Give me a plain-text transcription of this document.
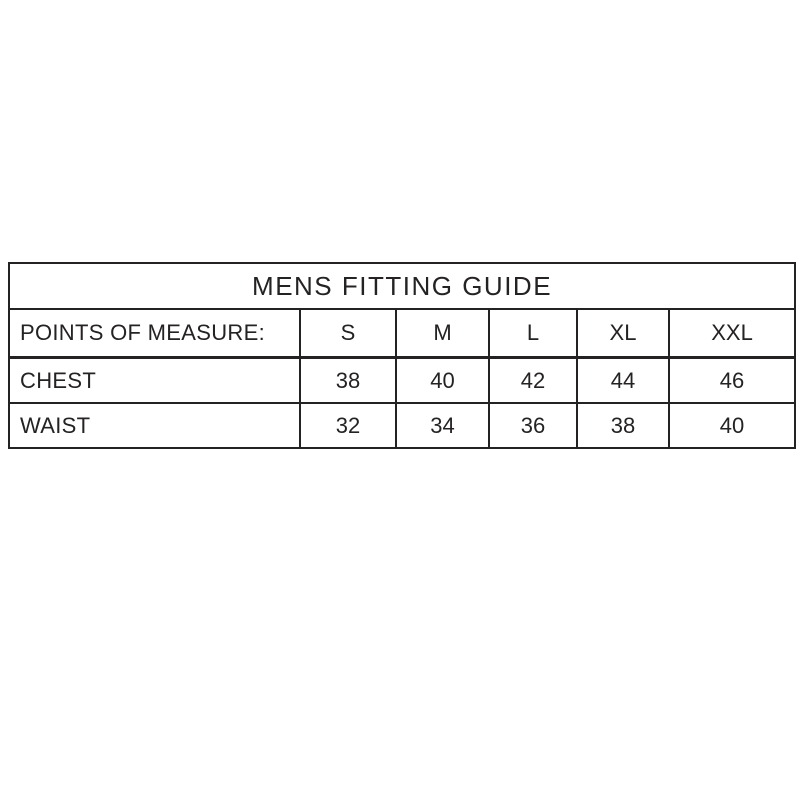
MENS FITTING GUIDE					
POINTS OF MEASURE:	S	M	L	XL	XXL
CHEST	38	40	42	44	46
WAIST	32	34	36	38	40
